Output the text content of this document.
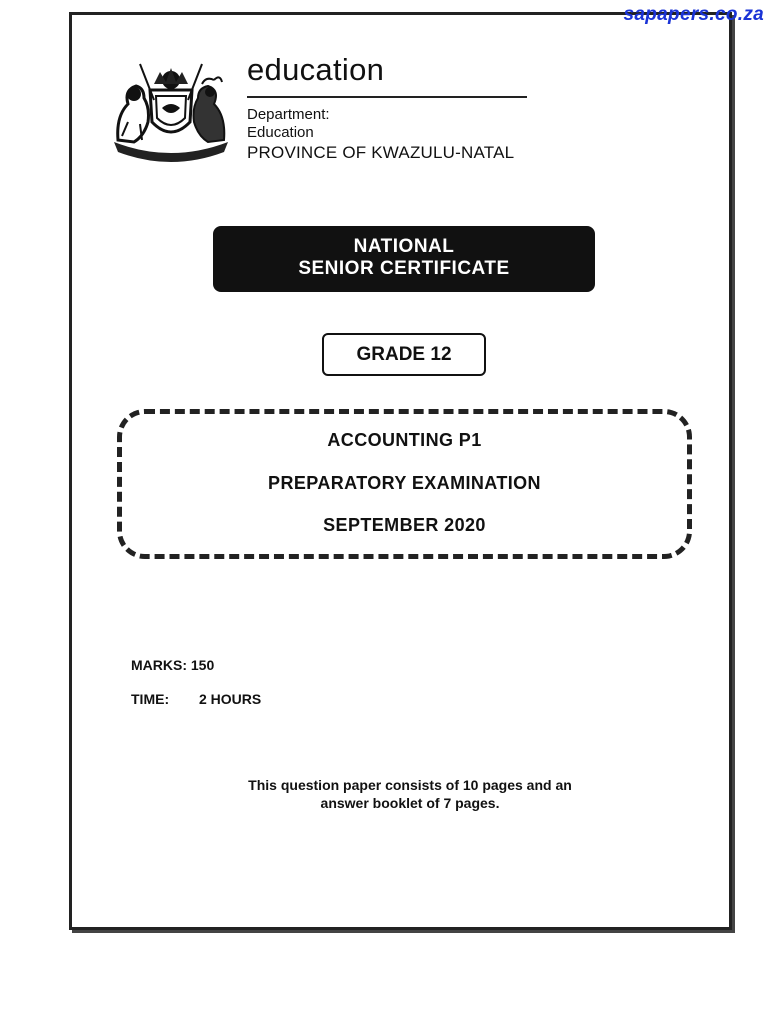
sapapers.co.za
education
Department:
Education
PROVINCE OF KWAZULU-NATAL
NATIONAL
SENIOR CERTIFICATE
GRADE 12
ACCOUNTING P1
PREPARATORY EXAMINATION
SEPTEMBER 2020
MARKS: 150
TIME: 2 HOURS
This question paper consists of 10 pages and an
answer booklet of 7 pages.
